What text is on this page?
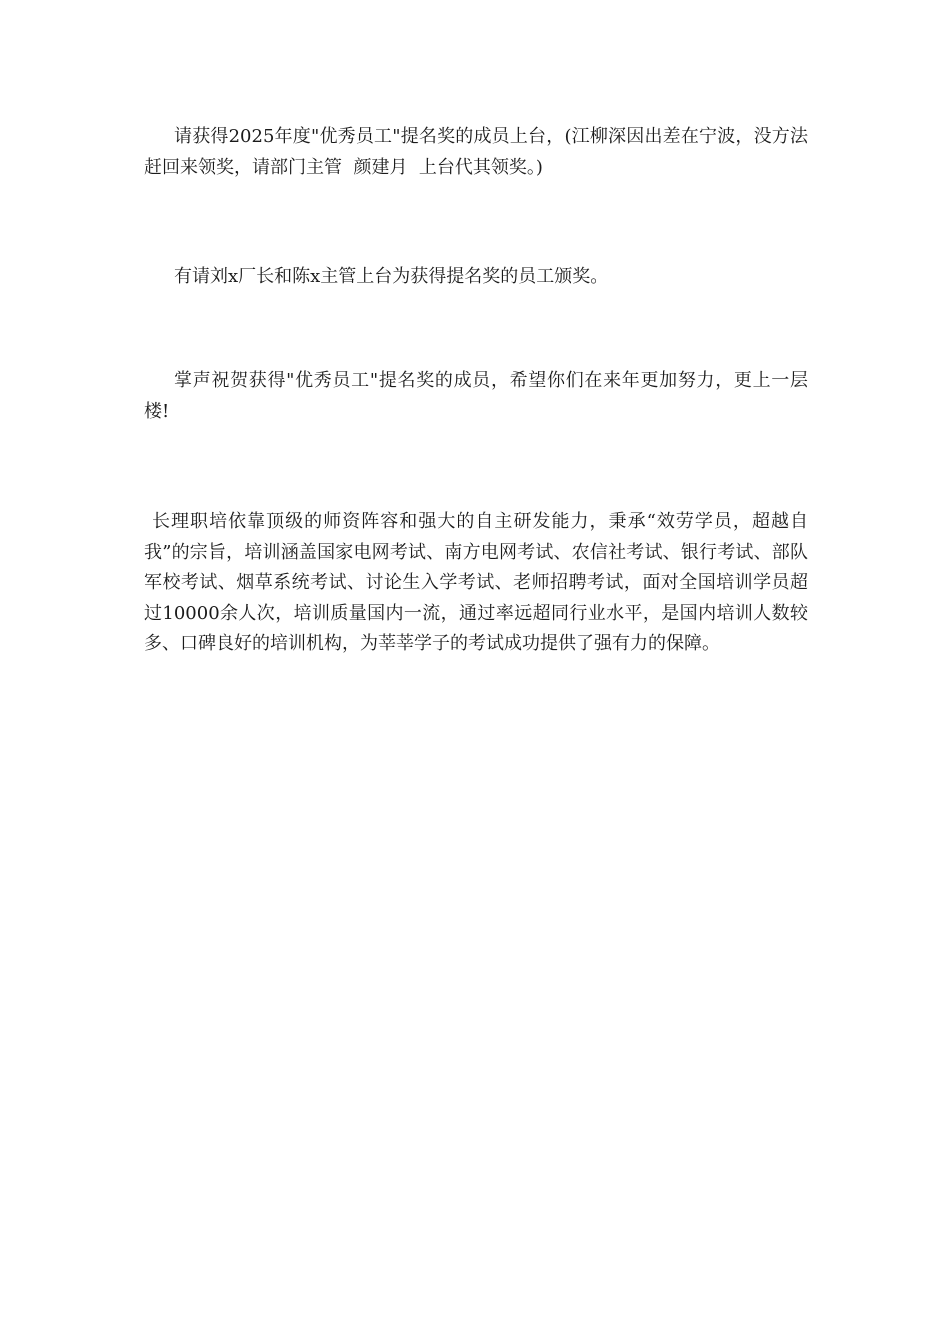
请获得2025年度"优秀员工"提名奖的成员上台，(江柳深因出差在宁波，没方法赶回来领奖，请部门主管  颜建月  上台代其领奖。)

有请刘x厂长和陈x主管上台为获得提名奖的员工颁奖。

掌声祝贺获得"优秀员工"提名奖的成员，希望你们在来年更加努力，更上一层楼!

长理职培依靠顶级的师资阵容和强大的自主研发能力，秉承“效劳学员，超越自我”的宗旨，培训涵盖国家电网考试、南方电网考试、农信社考试、银行考试、部队军校考试、烟草系统考试、讨论生入学考试、老师招聘考试，面对全国培训学员超过10000余人次，培训质量国内一流，通过率远超同行业水平，是国内培训人数较多、口碑良好的培训机构，为莘莘学子的考试成功提供了强有力的保障。
